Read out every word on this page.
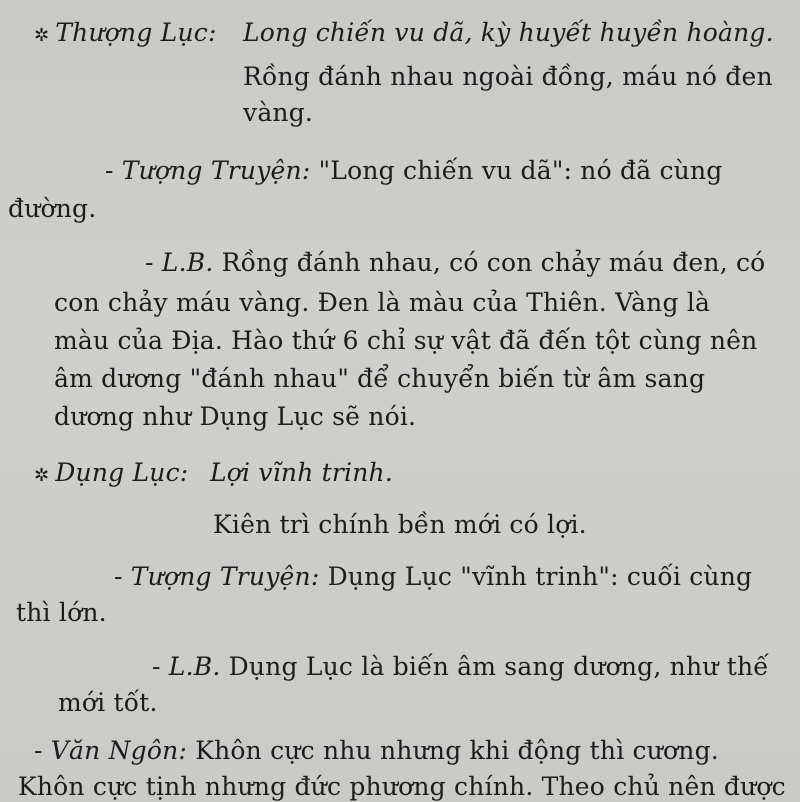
✲ Thượng Lục: Long chiến vu dã, kỳ huyết huyền hoàng.
Rồng đánh nhau ngoài đồng, máu nó đen
vàng.
- Tượng Truyện: "Long chiến vu dã": nó đã cùng
đường.
- L.B. Rồng đánh nhau, có con chảy máu đen, có
con chảy máu vàng. Đen là màu của Thiên. Vàng là
màu của Địa. Hào thứ 6 chỉ sự vật đã đến tột cùng nên
âm dương "đánh nhau" để chuyển biến từ âm sang
dương như Dụng Lục sẽ nói.
✲ Dụng Lục: Lợi vĩnh trinh.
Kiên trì chính bền mới có lợi.
- Tượng Truyện: Dụng Lục "vĩnh trinh": cuối cùng
thì lớn.
- L.B. Dụng Lục là biến âm sang dương, như thế
mới tốt.
- Văn Ngôn: Khôn cực nhu nhưng khi động thì cương.
Khôn cực tịnh nhưng đức phương chính. Theo chủ nên được
